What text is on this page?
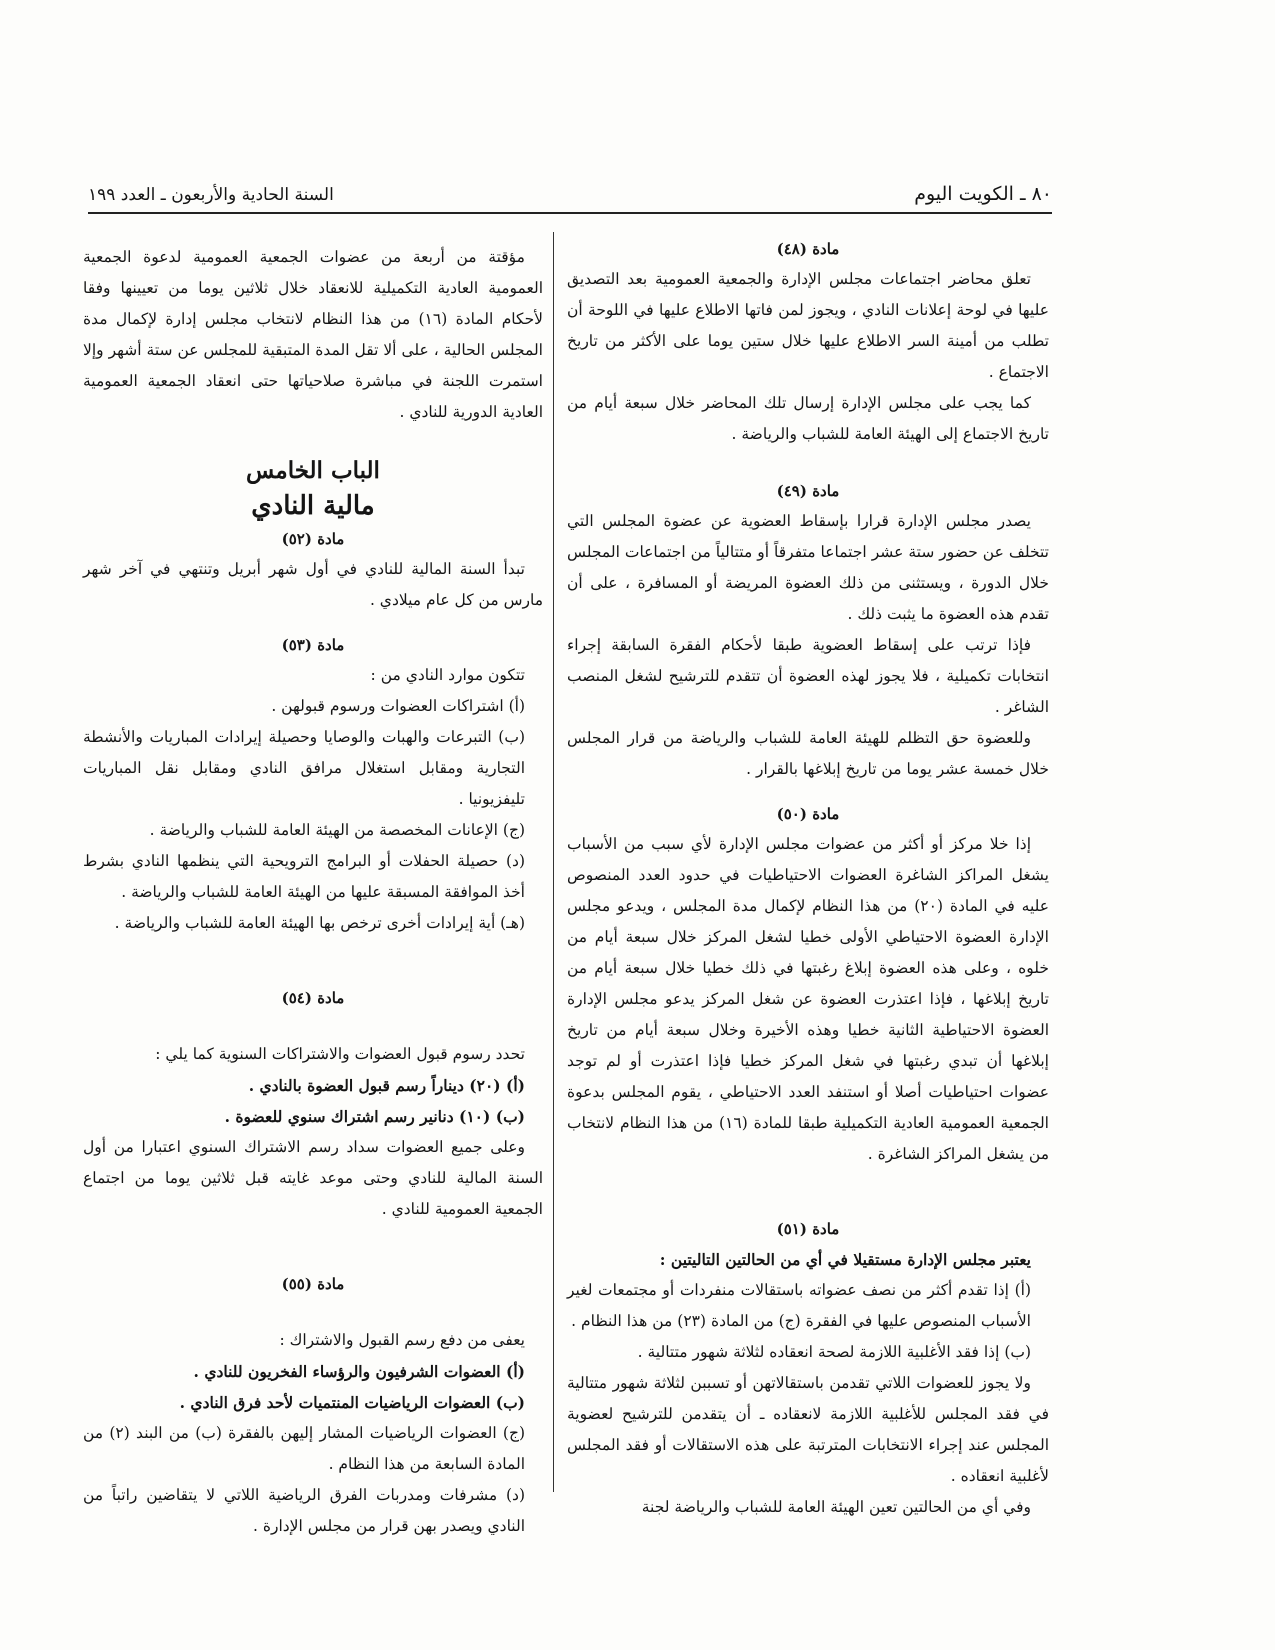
السنة الحادية والأربعون ـ العدد ١٩٩	٨٠ ـ الكويت اليوم

مادة (٤٨)

تعلق محاضر اجتماعات مجلس الإدارة والجمعية العمومية بعد التصديق عليها في لوحة إعلانات النادي ، ويجوز لمن فاتها الاطلاع عليها في اللوحة أن تطلب من أمينة السر الاطلاع عليها خلال ستين يوما على الأكثر من تاريخ الاجتماع .

كما يجب على مجلس الإدارة إرسال تلك المحاضر خلال سبعة أيام من تاريخ الاجتماع إلى الهيئة العامة للشباب والرياضة .

مادة (٤٩)

يصدر مجلس الإدارة قرارا بإسقاط العضوية عن عضوة المجلس التي تتخلف عن حضور ستة عشر اجتماعا متفرقاً أو متتالياً من اجتماعات المجلس خلال الدورة ، ويستثنى من ذلك العضوة المريضة أو المسافرة ، على أن تقدم هذه العضوة ما يثبت ذلك .

فإذا ترتب على إسقاط العضوية طبقا لأحكام الفقرة السابقة إجراء انتخابات تكميلية ، فلا يجوز لهذه العضوة أن تتقدم للترشيح لشغل المنصب الشاغر .

وللعضوة حق التظلم للهيئة العامة للشباب والرياضة من قرار المجلس خلال خمسة عشر يوما من تاريخ إبلاغها بالقرار .

مادة (٥٠)

إذا خلا مركز أو أكثر من عضوات مجلس الإدارة لأي سبب من الأسباب يشغل المراكز الشاغرة العضوات الاحتياطيات في حدود العدد المنصوص عليه في المادة (٢٠) من هذا النظام لإكمال مدة المجلس ، ويدعو مجلس الإدارة العضوة الاحتياطي الأولى خطيا لشغل المركز خلال سبعة أيام من خلوه ، وعلى هذه العضوة إبلاغ رغبتها في ذلك خطيا خلال سبعة أيام من تاريخ إبلاغها ، فإذا اعتذرت العضوة عن شغل المركز يدعو مجلس الإدارة العضوة الاحتياطية الثانية خطيا وهذه الأخيرة وخلال سبعة أيام من تاريخ إبلاغها أن تبدي رغبتها في شغل المركز خطيا فإذا اعتذرت أو لم توجد عضوات احتياطيات أصلا أو استنفد العدد الاحتياطي ، يقوم المجلس بدعوة الجمعية العمومية العادية التكميلية طبقا للمادة (١٦) من هذا النظام لانتخاب من يشغل المراكز الشاغرة .

مادة (٥١)

يعتبر مجلس الإدارة مستقيلا في أي من الحالتين التاليتين :

(أ) إذا تقدم أكثر من نصف عضواته باستقالات منفردات أو مجتمعات لغير الأسباب المنصوص عليها في الفقرة (ج) من المادة (٢٣) من هذا النظام .

(ب) إذا فقد الأغلبية اللازمة لصحة انعقاده لثلاثة شهور متتالية .

ولا يجوز للعضوات اللاتي تقدمن باستقالاتهن أو تسببن لثلاثة شهور متتالية في فقد المجلس للأغلبية اللازمة لانعقاده ـ أن يتقدمن للترشيح لعضوية المجلس عند إجراء الانتخابات المترتبة على هذه الاستقالات أو فقد المجلس لأغلبية انعقاده .

وفي أي من الحالتين تعين الهيئة العامة للشباب والرياضة لجنة

مؤقتة من أربعة من عضوات الجمعية العمومية لدعوة الجمعية العمومية العادية التكميلية للانعقاد خلال ثلاثين يوما من تعيينها وفقا لأحكام المادة (١٦) من هذا النظام لانتخاب مجلس إدارة لإكمال مدة المجلس الحالية ، على ألا تقل المدة المتبقية للمجلس عن ستة أشهر وإلا استمرت اللجنة في مباشرة صلاحياتها حتى انعقاد الجمعية العمومية العادية الدورية للنادي .

الباب الخامس

مالية النادي

مادة (٥٢)

تبدأ السنة المالية للنادي في أول شهر أبريل وتنتهي في آخر شهر مارس من كل عام ميلادي .

مادة (٥٣)

تتكون موارد النادي من :

(أ) اشتراكات العضوات ورسوم قبولهن .

(ب) التبرعات والهبات والوصايا وحصيلة إيرادات المباريات والأنشطة التجارية ومقابل استغلال مرافق النادي ومقابل نقل المباريات تليفزيونيا .

(ج) الإعانات المخصصة من الهيئة العامة للشباب والرياضة .

(د) حصيلة الحفلات أو البرامج الترويحية التي ينظمها النادي بشرط أخذ الموافقة المسبقة عليها من الهيئة العامة للشباب والرياضة .

(هـ) أية إيرادات أخرى ترخص بها الهيئة العامة للشباب والرياضة .

مادة (٥٤)

تحدد رسوم قبول العضوات والاشتراكات السنوية كما يلي :

(أ) (٢٠) ديناراً رسم قبول العضوة بالنادي .

(ب) (١٠) دنانير رسم اشتراك سنوي للعضوة .

وعلى جميع العضوات سداد رسم الاشتراك السنوي اعتبارا من أول السنة المالية للنادي وحتى موعد غايته قبل ثلاثين يوما من اجتماع الجمعية العمومية للنادي .

مادة (٥٥)

يعفى من دفع رسم القبول والاشتراك :

(أ) العضوات الشرفيون والرؤساء الفخريون للنادي .

(ب) العضوات الرياضيات المنتميات لأحد فرق النادي .

(ج) العضوات الرياضيات المشار إليهن بالفقرة (ب) من البند (٢) من المادة السابعة من هذا النظام .

(د) مشرفات ومدربات الفرق الرياضية اللاتي لا يتقاضين راتباً من النادي ويصدر بهن قرار من مجلس الإدارة .
